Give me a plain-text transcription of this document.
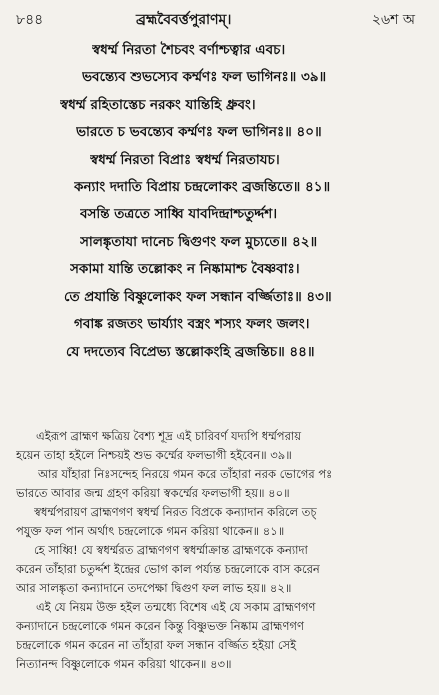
৮৪৪	ব্রহ্মবৈবর্ত্তপুরাণম্।	২৬শ অ
স্বধর্ম্ম নিরতা শৈচবং বর্ণাশ্চত্বার এবচ।
ভবন্ত্যেব শুভস্যেব কর্ম্মণঃ ফল ভাগিনঃ॥ ৩৯॥
স্বধর্ম্ম রহিতাস্তেচ নরকং যান্তিহি ধ্রুবং।
ভারতে চ ভবন্ত্যেব কর্ম্মণঃ ফল ভাগিনঃ॥ ৪০॥
স্বধর্ম্ম নিরতা বিপ্রাঃ স্বধর্ম্ম নিরতাযচ।
কন্যাং দদাতি বিপ্রায় চন্দ্রলোকং ব্রজন্তিতে॥ ৪১॥
বসন্তি তত্রতে সাধ্বি যাবদিন্দ্রাশ্চতুর্দ্দশ।
সালঙ্কৃতাযা দানেচ দ্বিগুণং ফল মুচ্যতে॥ ৪২॥
সকামা যান্তি তল্লোকং ন নিষ্কামাশ্চ বৈষ্ণবাঃ।
তে প্রযান্তি বিষ্ণুলোকং ফল সন্ধান বর্জ্জিতাঃ॥ ৪৩॥
গবাঙ্ক রজতং ভার্য্যাং বস্ত্রং শস্যং ফলং জলং।
যে দদত্যেব বিপ্রেভ্য স্তল্লোকংহি ব্রজন্তিচ॥ ৪৪॥
এইরূপ ব্রাহ্মণ ক্ষত্রিয় বৈশ্য শূদ্র এই চারিবর্ণ যদ্যপি ধর্ম্মপরায়
হয়েন তাহা হইলে নিশ্চয়ই শুভ কর্ম্মের ফলভাগী হইবেন॥ ৩৯॥
আর যাঁহারা নিঃসন্দেহ নিরয়ে গমন করে তাঁহারা নরক ভোগের পঃ
ভারতে আবার জন্ম গ্রহণ করিয়া স্বকর্ম্মের ফলভাগী হয়॥ ৪০॥
স্বধর্ম্মপরায়ণ ব্রাহ্মণগণ স্বধর্ম্ম নিরত বিপ্রকে কন্যাদান করিলে তচ্
পযুক্ত ফল পান অর্থাৎ চন্দ্রলোকে গমন করিয়া থাকেন॥ ৪১॥
হে সাধ্বি! যে স্বধর্ম্মরত ব্রাহ্মণগণ স্বধর্ম্মাক্রান্ত ব্রাহ্মণকে কন্যাদা
করেন তাঁহারা চতুর্দ্দশ ইন্দ্রের ভোগ কাল পর্য্যন্ত চন্দ্রলোকে বাস করেন
আর সালঙ্কৃতা কন্যাদানে তদপেক্ষা দ্বিগুণ ফল লাভ হয়॥ ৪২॥
এই যে নিয়ম উক্ত হইল তন্মধ্যে বিশেষ এই যে সকাম ব্রাহ্মণগণ
কন্যাদানে চন্দ্রলোকে গমন করেন কিন্তু বিষ্ণুভক্ত নিষ্কাম ব্রাহ্মণগণ
চন্দ্রলোকে গমন করেন না তাঁহারা ফল সন্ধান বর্জ্জিত হইয়া সেই
নিত্যানন্দ বিষ্ণুলোকে গমন করিয়া থাকেন॥ ৪৩॥
